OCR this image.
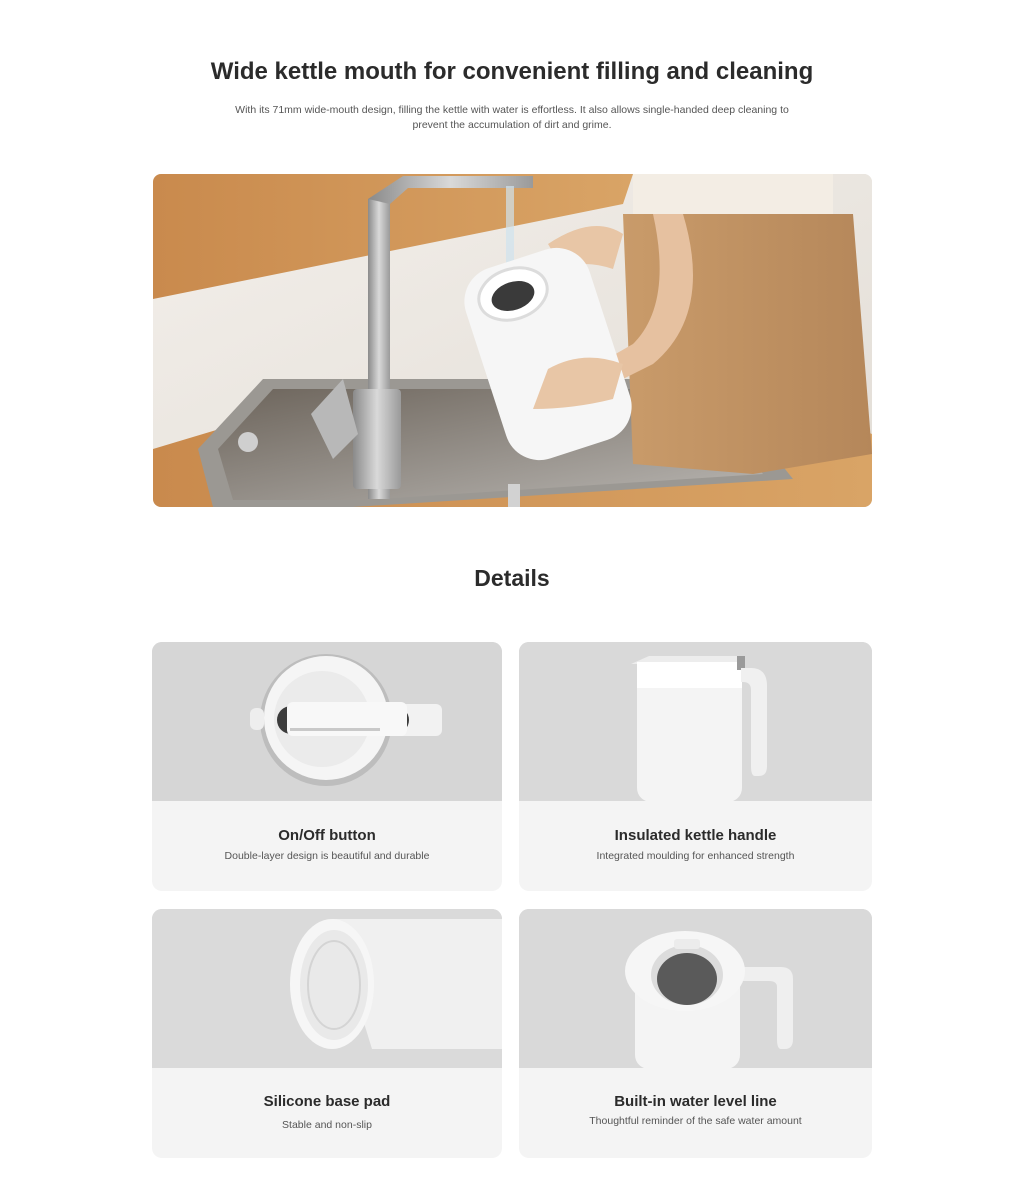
Wide kettle mouth for convenient filling and cleaning

With its 71mm wide-mouth design, filling the kettle with water is effortless. It also allows single-handed deep cleaning to prevent the accumulation of dirt and grime.

Details

On/Off button

Double-layer design is beautiful and durable

Insulated kettle handle

Integrated moulding for enhanced strength

Silicone base pad

Stable and non-slip

Built-in water level line

Thoughtful reminder of the safe water amount
